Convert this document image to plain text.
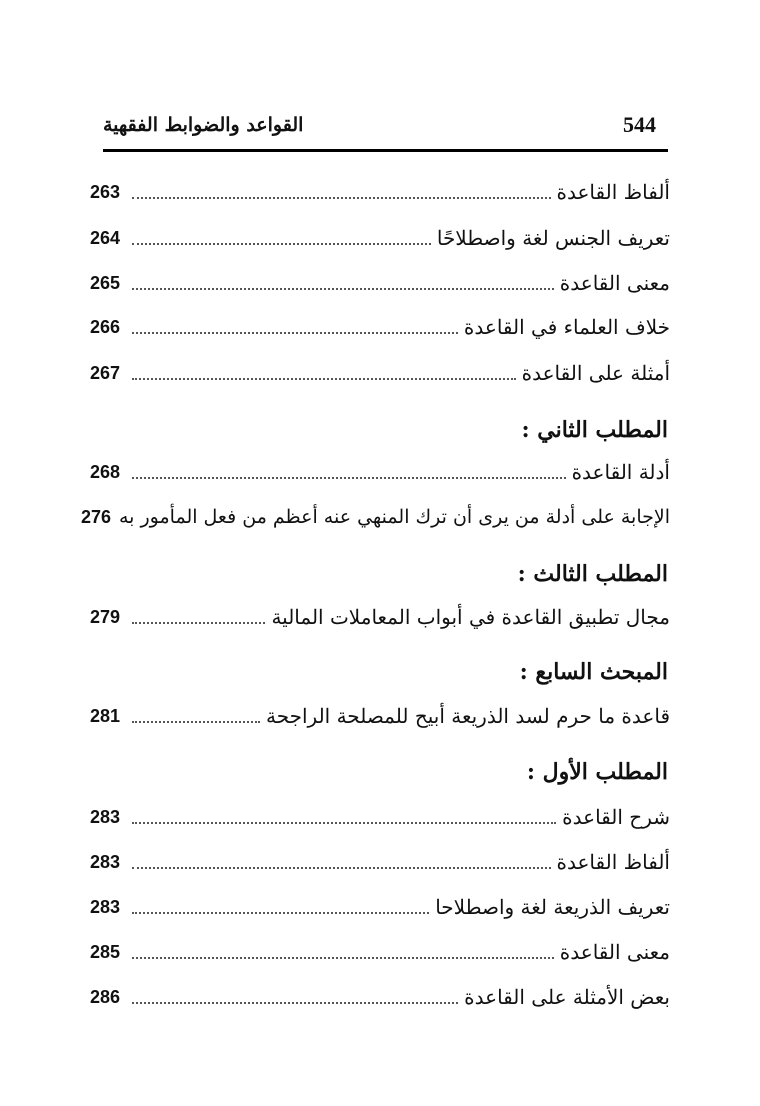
544
القواعد والضوابط الفقهية
ألفاظ القاعدة
263
تعريف الجنس لغة واصطلاحًا
264
معنى القاعدة
265
خلاف العلماء في القاعدة
266
أمثلة على القاعدة
267
المطلب الثاني :
أدلة القاعدة
268
الإجابة على أدلة من يرى أن ترك المنهي عنه أعظم من فعل المأمور به
276
المطلب الثالث :
مجال تطبيق القاعدة في أبواب المعاملات المالية
279
المبحث السابع :
قاعدة ما حرم لسد الذريعة أبيح للمصلحة الراجحة
281
المطلب الأول :
شرح القاعدة
283
ألفاظ القاعدة
283
تعريف الذريعة لغة واصطلاحا
283
معنى القاعدة
285
بعض الأمثلة على القاعدة
286
